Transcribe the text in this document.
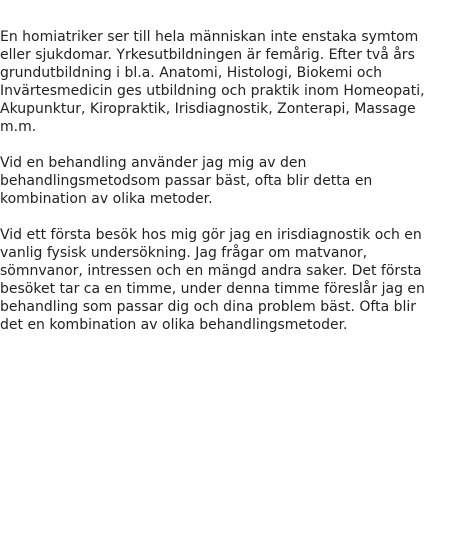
En homiatriker ser till hela människan inte enstaka symtom eller sjukdomar. Yrkesutbildningen är femårig. Efter två års grundutbildning i bl.a. Anatomi, Histologi, Biokemi och Invärtesmedicin ges utbildning och praktik inom Homeopati, Akupunktur, Kiropraktik, Irisdiagnostik, Zonterapi, Massage m.m.

Vid en behandling använder jag mig av den behandlingsmetodsom passar bäst, ofta blir detta en kombination av olika metoder.

Vid ett första besök hos mig gör jag en irisdiagnostik och en vanlig fysisk undersökning. Jag frågar om matvanor, sömnvanor, intressen och en mängd andra saker. Det första besöket tar ca en timme, under denna timme föreslår jag en behandling som passar dig och dina problem bäst. Ofta blir det en kombination av olika behandlingsmetoder.
